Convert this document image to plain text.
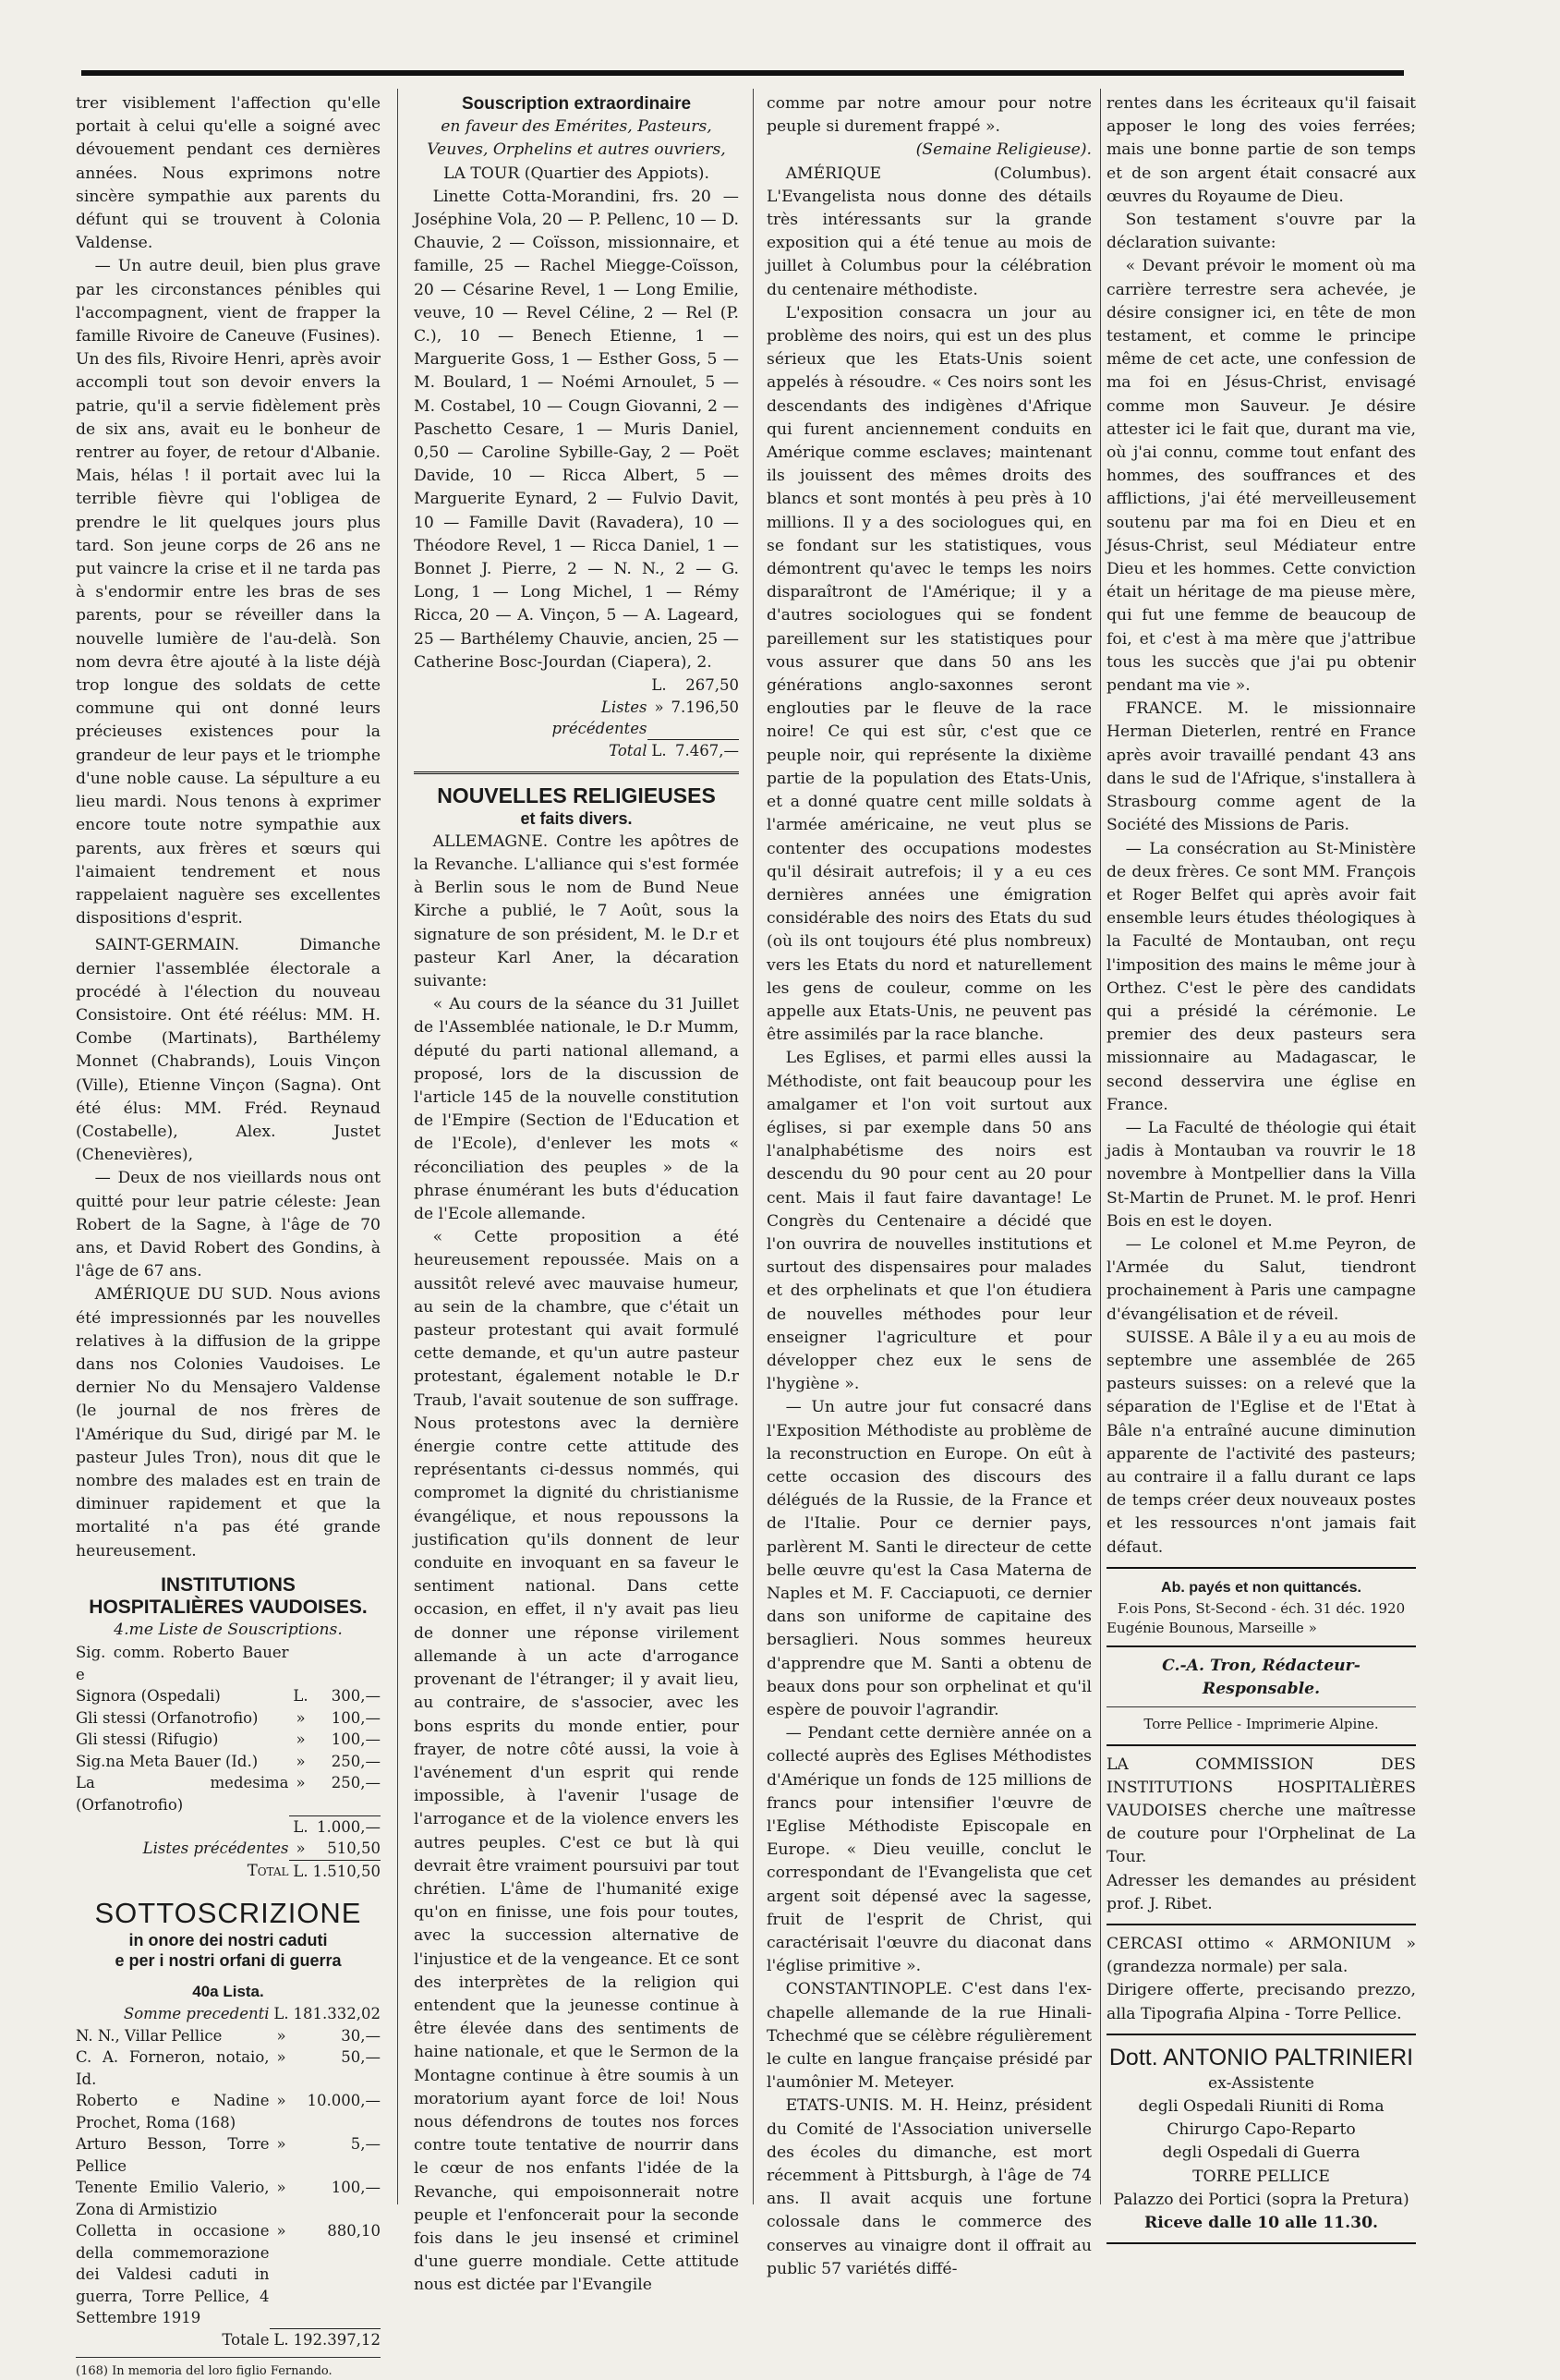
trer visiblement l'affection qu'elle portait à celui qu'elle a soigné avec dévouement pendant ces dernières années. Nous exprimons notre sincère sympathie aux parents du défunt qui se trouvent à Colonia Valdense.

— Un autre deuil, bien plus grave par les circonstances pénibles qui l'accompagnent, vient de frapper la famille Rivoire de Caneuve (Fusines). Un des fils, Rivoire Henri, après avoir accompli tout son devoir envers la patrie, qu'il a servie fidèlement près de six ans, avait eu le bonheur de rentrer au foyer, de retour d'Albanie. Mais, hélas ! il portait avec lui la terrible fièvre qui l'obligea de prendre le lit quelques jours plus tard. Son jeune corps de 26 ans ne put vaincre la crise et il ne tarda pas à s'endormir entre les bras de ses parents, pour se réveiller dans la nouvelle lumière de l'au-delà. Son nom devra être ajouté à la liste déjà trop longue des soldats de cette commune qui ont donné leurs précieuses existences pour la grandeur de leur pays et le triomphe d'une noble cause. La sépulture a eu lieu mardi. Nous tenons à exprimer encore toute notre sympathie aux parents, aux frères et sœurs qui l'aimaient tendrement et nous rappelaient naguère ses excellentes dispositions d'esprit.

SAINT-GERMAIN. Dimanche dernier l'assemblée électorale a procédé à l'élection du nouveau Consistoire. Ont été réélus: MM. H. Combe (Martinats), Barthélemy Monnet (Chabrands), Louis Vinçon (Ville), Etienne Vinçon (Sagna). Ont été élus: MM. Fréd. Reynaud (Costabelle), Alex. Justet (Chenevières),

— Deux de nos vieillards nous ont quitté pour leur patrie céleste: Jean Robert de la Sagne, à l'âge de 70 ans, et David Robert des Gondins, à l'âge de 67 ans.

AMÉRIQUE DU SUD. Nous avions été impressionnés par les nouvelles relatives à la diffusion de la grippe dans nos Colonies Vaudoises. Le dernier No du Mensajero Valdense (le journal de nos frères de l'Amérique du Sud, dirigé par M. le pasteur Jules Tron), nous dit que le nombre des malades est en train de diminuer rapidement et que la mortalité n'a pas été grande heureusement.

INSTITUTIONS
HOSPITALIÈRES VAUDOISES.
4.me Liste de Souscriptions.
Sig. comm. Roberto Bauer e		
Signora (Ospedali)	L.	300,—
Gli stessi (Orfanotrofio)	»	100,—
Gli stessi (Rifugio)	»	100,—
Sig.na Meta Bauer (Id.)	»	250,—
La medesima (Orfanotrofio)	»	250,—
	L.	1.000,—
Listes précédentes	»	510,50
Total	L.	1.510,50
SOTTOSCRIZIONE
in onore dei nostri caduti
e per i nostri orfani di guerra
40a Lista.
Somme precedenti	L.	181.332,02
N. N., Villar Pellice	»	30,—
C. A. Forneron, notaio, Id.	»	50,—
Roberto e Nadine Prochet, Roma (168)	»	10.000,—
Arturo Besson, Torre Pellice	»	5,—
Tenente Emilio Valerio, Zona di Armistizio	»	100,—
Colletta in occasione della commemorazione dei Valdesi caduti in guerra, Torre Pellice, 4 Settembre 1919	»	880,10
Totale	L.	192.397,12
(168) In memoria del loro figlio Fernando.
Souscription extraordinaire
en faveur des Emérites, Pasteurs, Veuves, Orphelins et autres ouvriers,
LA TOUR (Quartier des Appiots).

Linette Cotta-Morandini, frs. 20 — Joséphine Vola, 20 — P. Pellenc, 10 — D. Chauvie, 2 — Coïsson, missionnaire, et famille, 25 — Rachel Miegge-Coïsson, 20 — Césarine Revel, 1 — Long Emilie, veuve, 10 — Revel Céline, 2 — Rel (P. C.), 10 — Benech Etienne, 1 — Marguerite Goss, 1 — Esther Goss, 5 — M. Boulard, 1 — Noémi Arnoulet, 5 — M. Costabel, 10 — Cougn Giovanni, 2 — Paschetto Cesare, 1 — Muris Daniel, 0,50 — Caroline Sybille-Gay, 2 — Poët Davide, 10 — Ricca Albert, 5 — Marguerite Eynard, 2 — Fulvio Davit, 10 — Famille Davit (Ravadera), 10 — Théodore Revel, 1 — Ricca Daniel, 1 — Bonnet J. Pierre, 2 — N. N., 2 — G. Long, 1 — Long Michel, 1 — Rémy Ricca, 20 — A. Vinçon, 5 — A. Lageard, 25 — Barthélemy Chauvie, ancien, 25 — Catherine Bosc-Jourdan (Ciapera), 2.

	L.	267,50
Listes précédentes	»	7.196,50
Total	L.	7.467,—
NOUVELLES RELIGIEUSES
et faits divers.

ALLEMAGNE. Contre les apôtres de la Revanche. L'alliance qui s'est formée à Berlin sous le nom de Bund Neue Kirche a publié, le 7 Août, sous la signature de son président, M. le D.r et pasteur Karl Aner, la décaration suivante:

« Au cours de la séance du 31 Juillet de l'Assemblée nationale, le D.r Mumm, député du parti national allemand, a proposé, lors de la discussion de l'article 145 de la nouvelle constitution de l'Empire (Section de l'Education et de l'Ecole), d'enlever les mots « réconciliation des peuples » de la phrase énumérant les buts d'éducation de l'Ecole allemande.

« Cette proposition a été heureusement repoussée. Mais on a aussitôt relevé avec mauvaise humeur, au sein de la chambre, que c'était un pasteur protestant qui avait formulé cette demande, et qu'un autre pasteur protestant, également notable le D.r Traub, l'avait soutenue de son suffrage. Nous protestons avec la dernière énergie contre cette attitude des représentants ci-dessus nommés, qui compromet la dignité du christianisme évangélique, et nous repoussons la justification qu'ils donnent de leur conduite en invoquant en sa faveur le sentiment national. Dans cette occasion, en effet, il n'y avait pas lieu de donner une réponse virilement allemande à un acte d'arrogance provenant de l'étranger; il y avait lieu, au contraire, de s'associer, avec les bons esprits du monde entier, pour frayer, de notre côté aussi, la voie à l'avénement d'un esprit qui rende impossible, à l'avenir l'usage de l'arrogance et de la violence envers les autres peuples. C'est ce but là qui devrait être vraiment poursuivi par tout chrétien. L'âme de l'humanité exige qu'on en finisse, une fois pour toutes, avec la succession alternative de l'injustice et de la vengeance. Et ce sont des interprètes de la religion qui entendent que la jeunesse continue à être élevée dans des sentiments de haine nationale, et que le Sermon de la Montagne continue à être soumis à un moratorium ayant force de loi! Nous nous défendrons de toutes nos forces contre toute tentative de nourrir dans le cœur de nos enfants l'idée de la Revanche, qui empoisonnerait notre peuple et l'enfoncerait pour la seconde fois dans le jeu insensé et criminel d'une guerre mondiale. Cette attitude nous est dictée par l'Evangile

comme par notre amour pour notre peuple si durement frappé ».

(Semaine Religieuse).

AMÉRIQUE (Columbus). L'Evangelista nous donne des détails très intéressants sur la grande exposition qui a été tenue au mois de juillet à Columbus pour la célébration du centenaire méthodiste.

L'exposition consacra un jour au problème des noirs, qui est un des plus sérieux que les Etats-Unis soient appelés à résoudre. « Ces noirs sont les descendants des indigènes d'Afrique qui furent anciennement conduits en Amérique comme esclaves; maintenant ils jouissent des mêmes droits des blancs et sont montés à peu près à 10 millions. Il y a des sociologues qui, en se fondant sur les statistiques, vous démontrent qu'avec le temps les noirs disparaîtront de l'Amérique; il y a d'autres sociologues qui se fondent pareillement sur les statistiques pour vous assurer que dans 50 ans les générations anglo-saxonnes seront englouties par le fleuve de la race noire! Ce qui est sûr, c'est que ce peuple noir, qui représente la dixième partie de la population des Etats-Unis, et a donné quatre cent mille soldats à l'armée américaine, ne veut plus se contenter des occupations modestes qu'il désirait autrefois; il y a eu ces dernières années une émigration considérable des noirs des Etats du sud (où ils ont toujours été plus nombreux) vers les Etats du nord et naturellement les gens de couleur, comme on les appelle aux Etats-Unis, ne peuvent pas être assimilés par la race blanche.

Les Eglises, et parmi elles aussi la Méthodiste, ont fait beaucoup pour les amalgamer et l'on voit surtout aux églises, si par exemple dans 50 ans l'analphabétisme des noirs est descendu du 90 pour cent au 20 pour cent. Mais il faut faire davantage! Le Congrès du Centenaire a décidé que l'on ouvrira de nouvelles institutions et surtout des dispensaires pour malades et des orphelinats et que l'on étudiera de nouvelles méthodes pour leur enseigner l'agriculture et pour développer chez eux le sens de l'hygiène ».

— Un autre jour fut consacré dans l'Exposition Méthodiste au problème de la reconstruction en Europe. On eût à cette occasion des discours des délégués de la Russie, de la France et de l'Italie. Pour ce dernier pays, parlèrent M. Santi le directeur de cette belle œuvre qu'est la Casa Materna de Naples et M. F. Cacciapuoti, ce dernier dans son uniforme de capitaine des bersaglieri. Nous sommes heureux d'apprendre que M. Santi a obtenu de beaux dons pour son orphelinat et qu'il espère de pouvoir l'agrandir.

— Pendant cette dernière année on a collecté auprès des Eglises Méthodistes d'Amérique un fonds de 125 millions de francs pour intensifier l'œuvre de l'Eglise Méthodiste Episcopale en Europe. « Dieu veuille, conclut le correspondant de l'Evangelista que cet argent soit dépensé avec la sagesse, fruit de l'esprit de Christ, qui caractérisait l'œuvre du diaconat dans l'église primitive ».

CONSTANTINOPLE. C'est dans l'ex-chapelle allemande de la rue Hinali-Tchechmé que se célèbre régulièrement le culte en langue française présidé par l'aumônier M. Meteyer.

ETATS-UNIS. M. H. Heinz, président du Comité de l'Association universelle des écoles du dimanche, est mort récemment à Pittsburgh, à l'âge de 74 ans. Il avait acquis une fortune colossale dans le commerce des conserves au vinaigre dont il offrait au public 57 variétés diffé-

rentes dans les écriteaux qu'il faisait apposer le long des voies ferrées; mais une bonne partie de son temps et de son argent était consacré aux œuvres du Royaume de Dieu.

Son testament s'ouvre par la déclaration suivante:

« Devant prévoir le moment où ma carrière terrestre sera achevée, je désire consigner ici, en tête de mon testament, et comme le principe même de cet acte, une confession de ma foi en Jésus-Christ, envisagé comme mon Sauveur. Je désire attester ici le fait que, durant ma vie, où j'ai connu, comme tout enfant des hommes, des souffrances et des afflictions, j'ai été merveilleusement soutenu par ma foi en Dieu et en Jésus-Christ, seul Médiateur entre Dieu et les hommes. Cette conviction était un héritage de ma pieuse mère, qui fut une femme de beaucoup de foi, et c'est à ma mère que j'attribue tous les succès que j'ai pu obtenir pendant ma vie ».

FRANCE. M. le missionnaire Herman Dieterlen, rentré en France après avoir travaillé pendant 43 ans dans le sud de l'Afrique, s'installera à Strasbourg comme agent de la Société des Missions de Paris.

— La consécration au St-Ministère de deux frères. Ce sont MM. François et Roger Belfet qui après avoir fait ensemble leurs études théologiques à la Faculté de Montauban, ont reçu l'imposition des mains le même jour à Orthez. C'est le père des candidats qui a présidé la cérémonie. Le premier des deux pasteurs sera missionnaire au Madagascar, le second desservira une église en France.

— La Faculté de théologie qui était jadis à Montauban va rouvrir le 18 novembre à Montpellier dans la Villa St-Martin de Prunet. M. le prof. Henri Bois en est le doyen.

— Le colonel et M.me Peyron, de l'Armée du Salut, tiendront prochainement à Paris une campagne d'évangélisation et de réveil.

SUISSE. A Bâle il y a eu au mois de septembre une assemblée de 265 pasteurs suisses: on a relevé que la séparation de l'Eglise et de l'Etat à Bâle n'a entraîné aucune diminution apparente de l'activité des pasteurs; au contraire il a fallu durant ce laps de temps créer deux nouveaux postes et les ressources n'ont jamais fait défaut.

Ab. payés et non quittancés.
F.ois Pons, St-Second - éch. 31 déc. 1920
Eugénie Bounous, Marseille »
C.-A. Tron, Rédacteur-Responsable.
Torre Pellice - Imprimerie Alpine.

LA COMMISSION DES INSTITUTIONS HOSPITALIÈRES VAUDOISES cherche une maîtresse de couture pour l'Orphelinat de La Tour.

Adresser les demandes au président prof. J. Ribet.

CERCASI ottimo « ARMONIUM » (grandezza normale) per sala.

Dirigere offerte, precisando prezzo, alla Tipografia Alpina - Torre Pellice.

Dott. ANTONIO PALTRINIERI
ex-Assistente
degli Ospedali Riuniti di Roma
Chirurgo Capo-Reparto
degli Ospedali di Guerra
TORRE PELLICE
Palazzo dei Portici (sopra la Pretura)
Riceve dalle 10 alle 11.30.
